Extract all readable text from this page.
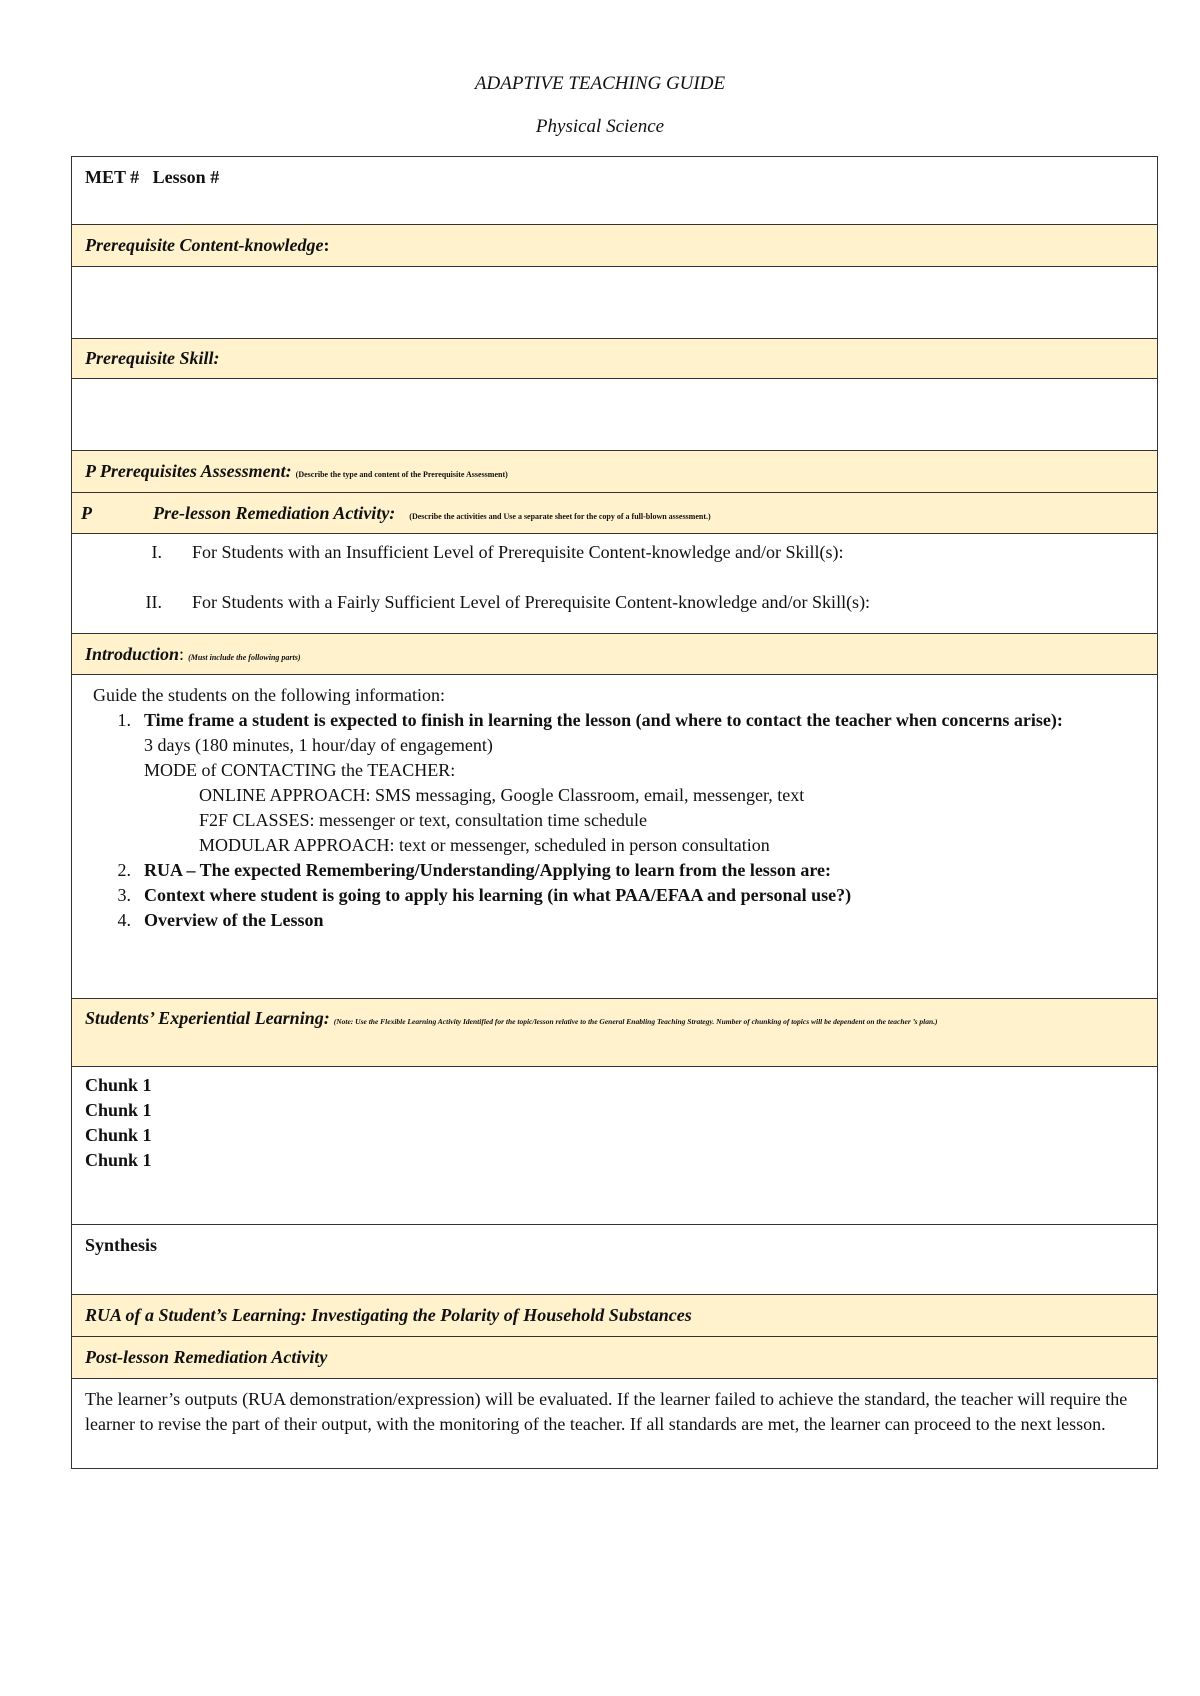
ADAPTIVE TEACHING GUIDE
Physical Science
MET #   Lesson #

Prerequisite Content-knowledge:

Prerequisite Skill:

P Prerequisites Assessment: (Describe the type and content of the Prerequisite Assessment)
P	Pre-lesson Remediation Activity: (Describe the activities and Use a separate sheet for the copy of a full-blown assessment.)

I.	For Students with an Insufficient Level of Prerequisite Content-knowledge and/or Skill(s):
II.	For Students with a Fairly Sufficient Level of Prerequisite Content-knowledge and/or Skill(s):

Introduction: (Must include the following parts)

Guide the students on the following information:

1. Time frame a student is expected to finish in learning the lesson (and where to contact the teacher when concerns arise):
3 days (180 minutes, 1 hour/day of engagement)
MODE of CONTACTING the TEACHER:
ONLINE APPROACH: SMS messaging, Google Classroom, email, messenger, text
F2F CLASSES: messenger or text, consultation time schedule
MODULAR APPROACH: text or messenger, scheduled in person consultation
2. RUA – The expected Remembering/Understanding/Applying to learn from the lesson are:
3. Context where student is going to apply his learning (in what PAA/EFAA and personal use?)
4. Overview of the Lesson

Students’ Experiential Learning: (Note: Use the Flexible Learning Activity Identified for the topic/lesson relative to the General Enabling Teaching Strategy. Number of chunking of topics will be dependent on the teacher ’s plan.)

Chunk 1
Chunk 1
Chunk 1
Chunk 1

Synthesis

RUA of a Student’s Learning: Investigating the Polarity of Household Substances
Post-lesson Remediation Activity

The learner’s outputs (RUA demonstration/expression) will be evaluated. If the learner failed to achieve the standard, the teacher will require the learner to revise the part of their output, with the monitoring of the teacher. If all standards are met, the learner can proceed to the next lesson.
